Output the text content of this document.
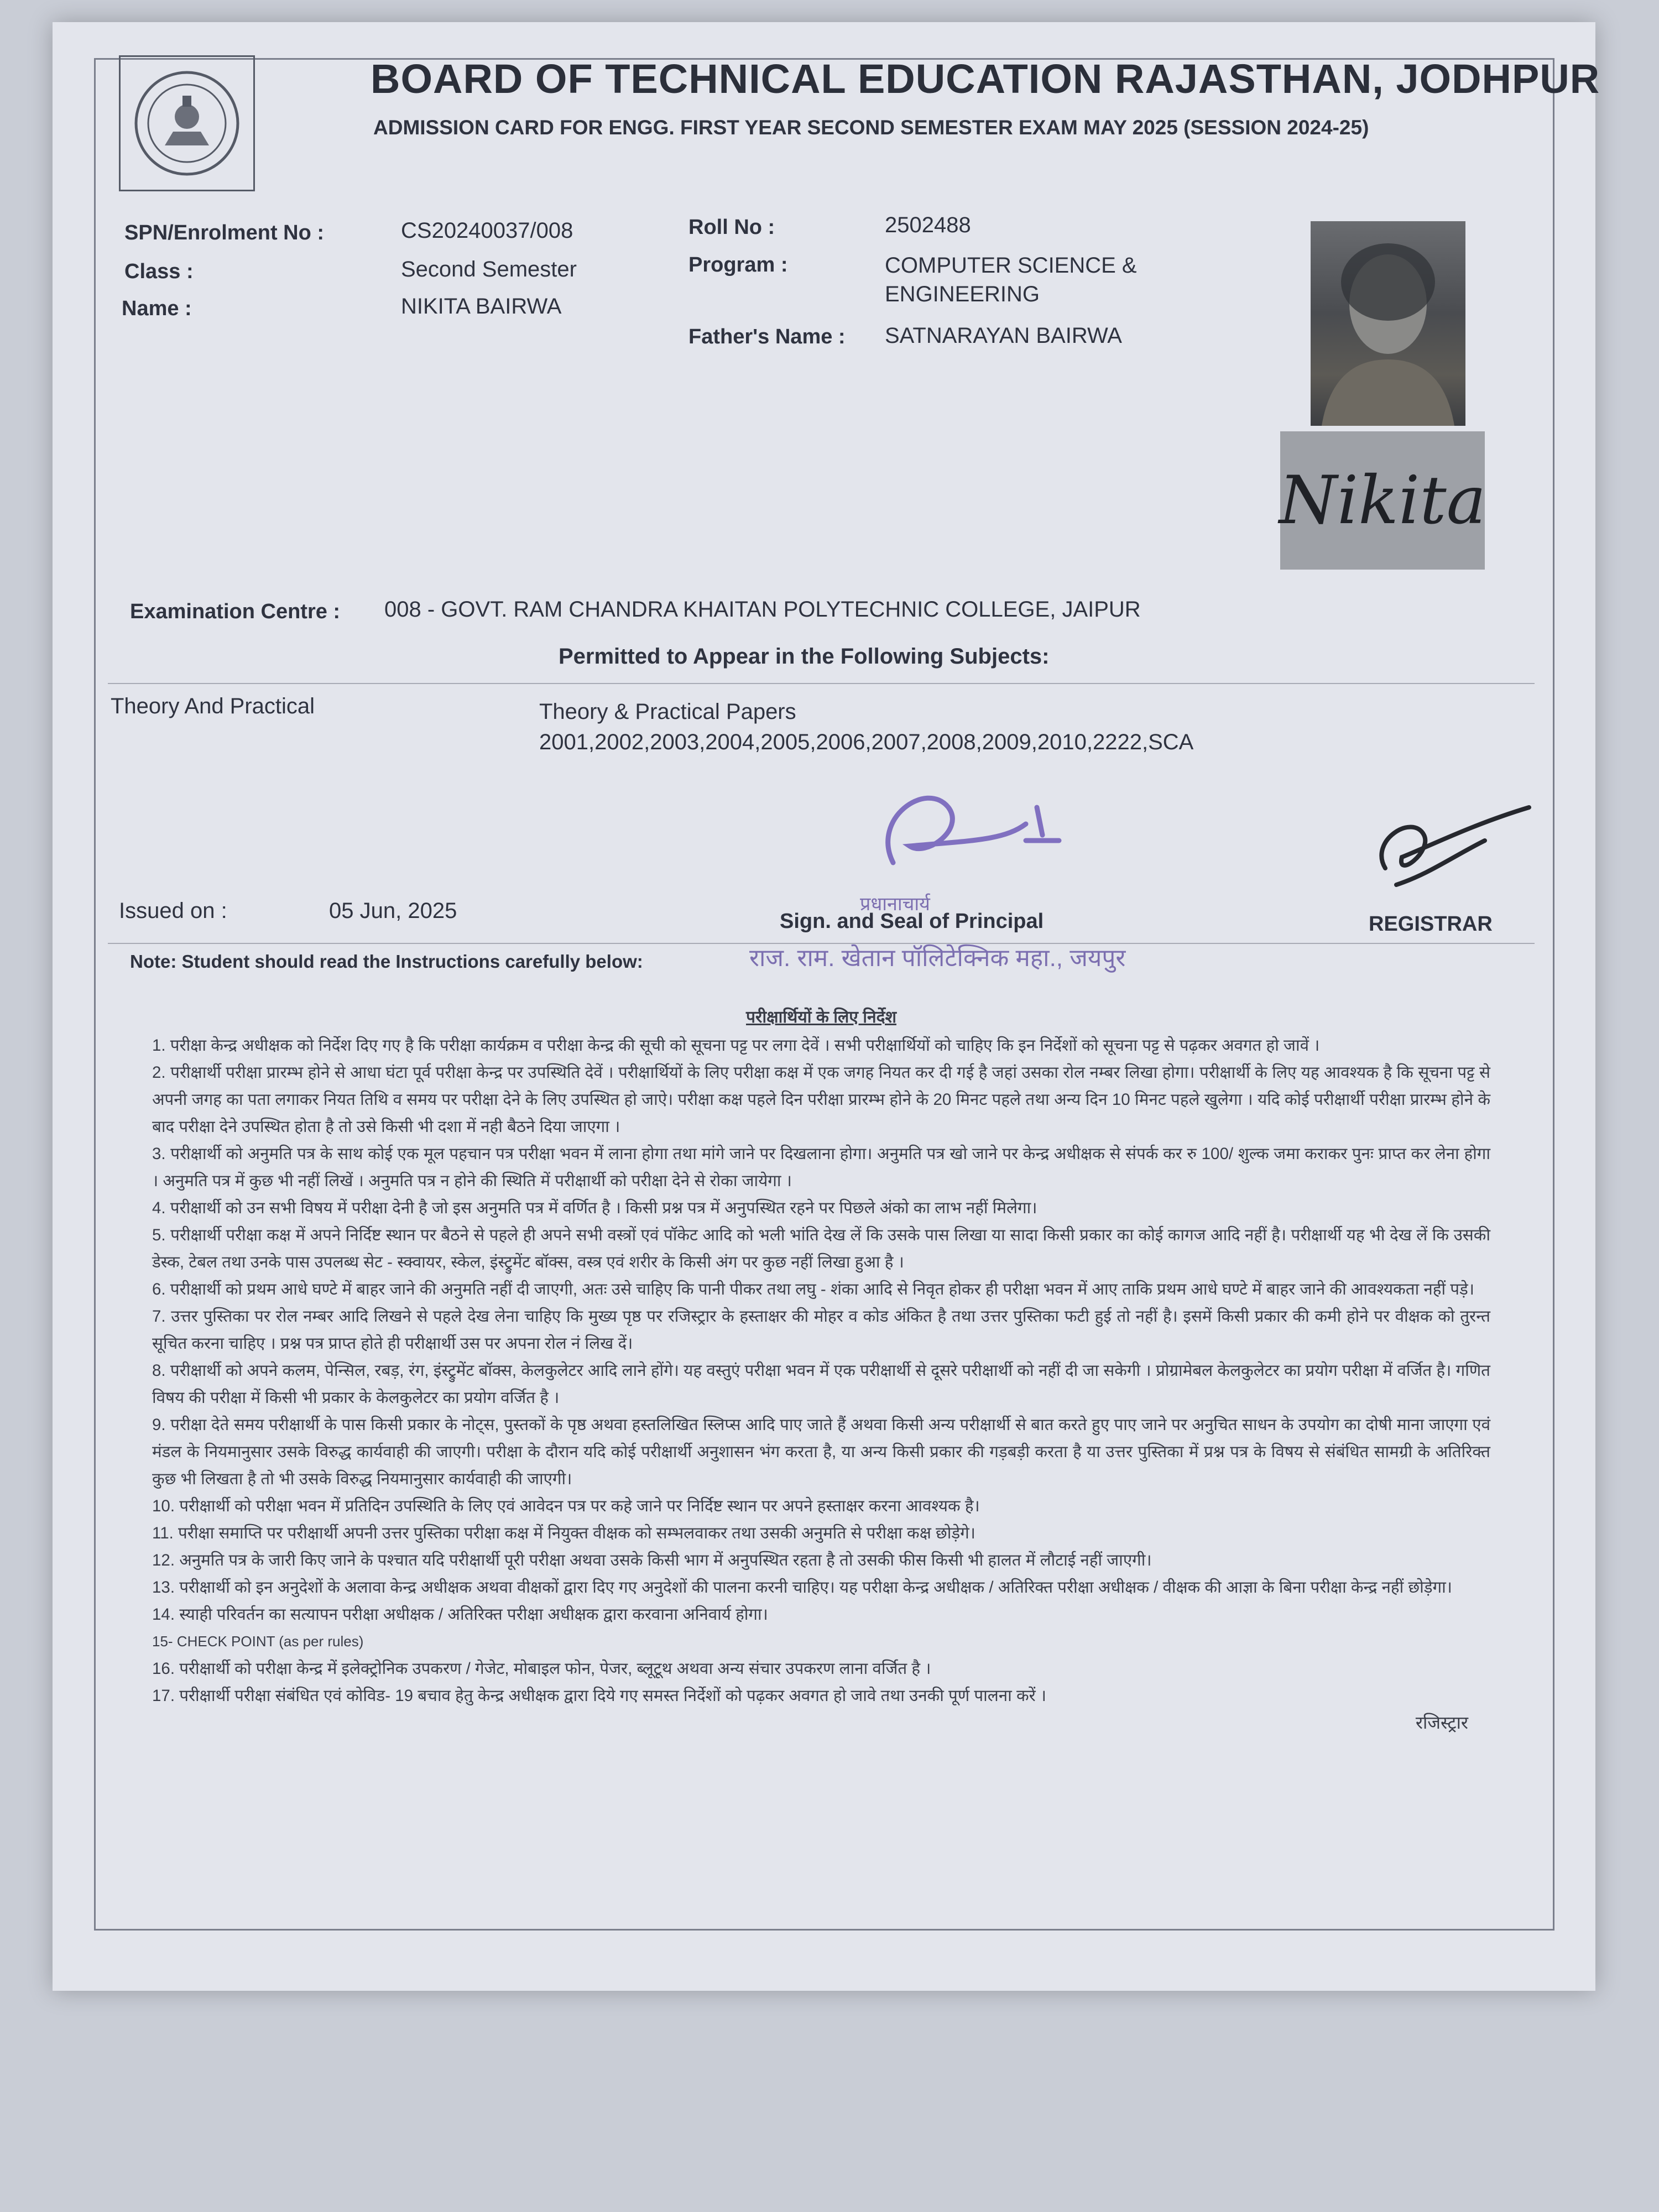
BOARD OF TECHNICAL EDUCATION RAJASTHAN, JODHPUR
ADMISSION CARD FOR ENGG. FIRST YEAR SECOND SEMESTER EXAM MAY 2025 (SESSION 2024-25)
SPN/Enrolment No :	CS20240037/008
Class :	Second Semester
Name :	NIKITA BAIRWA
Roll No :	2502488
Program :	COMPUTER SCIENCE &
ENGINEERING
Father's Name : SATNARAYAN BAIRWA
Nikita
Examination Centre : 008 - GOVT. RAM CHANDRA KHAITAN POLYTECHNIC COLLEGE, JAIPUR
Permitted to Appear in the Following Subjects:
Theory And Practical	Theory & Practical Papers
2001,2002,2003,2004,2005,2006,2007,2008,2009,2010,2222,SCA
प्रधानाचार्य
Issued on :	05 Jun, 2025	Sign. and Seal of Principal	REGISTRAR
Note: Student should read the Instructions carefully below:	राज. राम. खेतान पॉलिटेक्निक महा., जयपुर

परीक्षार्थियों के लिए निर्देश

1. परीक्षा केन्द्र अधीक्षक को निर्देश दिए गए है कि परीक्षा कार्यक्रम व परीक्षा केन्द्र की सूची को सूचना पट्ट पर लगा देवें । सभी परीक्षार्थियों को चाहिए कि इन निर्देशों को सूचना पट्ट से पढ़कर अवगत हो जावें ।

2. परीक्षार्थी परीक्षा प्रारम्भ होने से आधा घंटा पूर्व परीक्षा केन्द्र पर उपस्थिति देवें । परीक्षार्थियों के लिए परीक्षा कक्ष में एक जगह नियत कर दी गई है जहां उसका रोल नम्बर लिखा होगा। परीक्षार्थी के लिए यह आवश्यक है कि सूचना पट्ट से अपनी जगह का पता लगाकर नियत तिथि व समय पर परीक्षा देने के लिए उपस्थित हो जाऐ। परीक्षा कक्ष पहले दिन परीक्षा प्रारम्भ होने के 20 मिनट पहले तथा अन्य दिन 10 मिनट पहले खुलेगा । यदि कोई परीक्षार्थी परीक्षा प्रारम्भ होने के बाद परीक्षा देने उपस्थित होता है तो उसे किसी भी दशा में नही बैठने दिया जाएगा ।

3. परीक्षार्थी को अनुमति पत्र के साथ कोई एक मूल पहचान पत्र परीक्षा भवन में लाना होगा तथा मांगे जाने पर दिखलाना होगा। अनुमति पत्र खो जाने पर केन्द्र अधीक्षक से संपर्क कर रु 100/ शुल्क जमा कराकर पुनः प्राप्त कर लेना होगा । अनुमति पत्र में कुछ भी नहीं लिखें । अनुमति पत्र न होने की स्थिति में परीक्षार्थी को परीक्षा देने से रोका जायेगा ।

4. परीक्षार्थी को उन सभी विषय में परीक्षा देनी है जो इस अनुमति पत्र में वर्णित है । किसी प्रश्न पत्र में अनुपस्थित रहने पर पिछले अंको का लाभ नहीं मिलेगा।

5. परीक्षार्थी परीक्षा कक्ष में अपने निर्दिष्ट स्थान पर बैठने से पहले ही अपने सभी वस्त्रों एवं पॉकेट आदि को भली भांति देख लें कि उसके पास लिखा या सादा किसी प्रकार का कोई कागज आदि नहीं है। परीक्षार्थी यह भी देख लें कि उसकी डेस्क, टेबल तथा उनके पास उपलब्ध सेट - स्क्वायर, स्केल, इंस्ट्रुमेंट बॉक्स, वस्त्र एवं शरीर के किसी अंग पर कुछ नहीं लिखा हुआ है ।

6. परीक्षार्थी को प्रथम आधे घण्टे में बाहर जाने की अनुमति नहीं दी जाएगी, अतः उसे चाहिए कि पानी पीकर तथा लघु - शंका आदि से निवृत होकर ही परीक्षा भवन में आए ताकि प्रथम आधे घण्टे में बाहर जाने की आवश्यकता नहीं पड़े।

7. उत्तर पुस्तिका पर रोल नम्बर आदि लिखने से पहले देख लेना चाहिए कि मुख्य पृष्ठ पर रजिस्ट्रार के हस्ताक्षर की मोहर व कोड अंकित है तथा उत्तर पुस्तिका फटी हुई तो नहीं है। इसमें किसी प्रकार की कमी होने पर वीक्षक को तुरन्त सूचित करना चाहिए । प्रश्न पत्र प्राप्त होते ही परीक्षार्थी उस पर अपना रोल नं लिख दें।

8. परीक्षार्थी को अपने कलम, पेन्सिल, रबड़, रंग, इंस्ट्रुमेंट बॉक्स, केलकुलेटर आदि लाने होंगे। यह वस्तुएं परीक्षा भवन में एक परीक्षार्थी से दूसरे परीक्षार्थी को नहीं दी जा सकेगी । प्रोग्रामेबल केलकुलेटर का प्रयोग परीक्षा में वर्जित है। गणित विषय की परीक्षा में किसी भी प्रकार के केलकुलेटर का प्रयोग वर्जित है ।

9. परीक्षा देते समय परीक्षार्थी के पास किसी प्रकार के नोट्स, पुस्तकों के पृष्ठ अथवा हस्तलिखित स्लिप्स आदि पाए जाते हैं अथवा किसी अन्य परीक्षार्थी से बात करते हुए पाए जाने पर अनुचित साधन के उपयोग का दोषी माना जाएगा एवं मंडल के नियमानुसार उसके विरुद्ध कार्यवाही की जाएगी। परीक्षा के दौरान यदि कोई परीक्षार्थी अनुशासन भंग करता है, या अन्य किसी प्रकार की गड़बड़ी करता है या उत्तर पुस्तिका में प्रश्न पत्र के विषय से संबंधित सामग्री के अतिरिक्त कुछ भी लिखता है तो भी उसके विरुद्ध नियमानुसार कार्यवाही की जाएगी।

10. परीक्षार्थी को परीक्षा भवन में प्रतिदिन उपस्थिति के लिए एवं आवेदन पत्र पर कहे जाने पर निर्दिष्ट स्थान पर अपने हस्ताक्षर करना आवश्यक है।

11. परीक्षा समाप्ति पर परीक्षार्थी अपनी उत्तर पुस्तिका परीक्षा कक्ष में नियुक्त वीक्षक को सम्भलवाकर तथा उसकी अनुमति से परीक्षा कक्ष छोड़ेगे।

12. अनुमति पत्र के जारी किए जाने के पश्चात यदि परीक्षार्थी पूरी परीक्षा अथवा उसके किसी भाग में अनुपस्थित रहता है तो उसकी फीस किसी भी हालत में लौटाई नहीं जाएगी।

13. परीक्षार्थी को इन अनुदेशों के अलावा केन्द्र अधीक्षक अथवा वीक्षकों द्वारा दिए गए अनुदेशों की पालना करनी चाहिए। यह परीक्षा केन्द्र अधीक्षक / अतिरिक्त परीक्षा अधीक्षक / वीक्षक की आज्ञा के बिना परीक्षा केन्द्र नहीं छोड़ेगा।

14. स्याही परिवर्तन का सत्यापन परीक्षा अधीक्षक / अतिरिक्त परीक्षा अधीक्षक द्वारा करवाना अनिवार्य होगा।

15- CHECK POINT (as per rules)

16. परीक्षार्थी को परीक्षा केन्द्र में इलेक्ट्रोनिक उपकरण / गेजेट, मोबाइल फोन, पेजर, ब्लूटूथ अथवा अन्य संचार उपकरण लाना वर्जित है ।

17. परीक्षार्थी परीक्षा संबंधित एवं कोविड- 19 बचाव हेतु केन्द्र अधीक्षक द्वारा दिये गए समस्त निर्देशों को पढ़कर अवगत हो जावे तथा उनकी पूर्ण पालना करें ।

रजिस्ट्रार
